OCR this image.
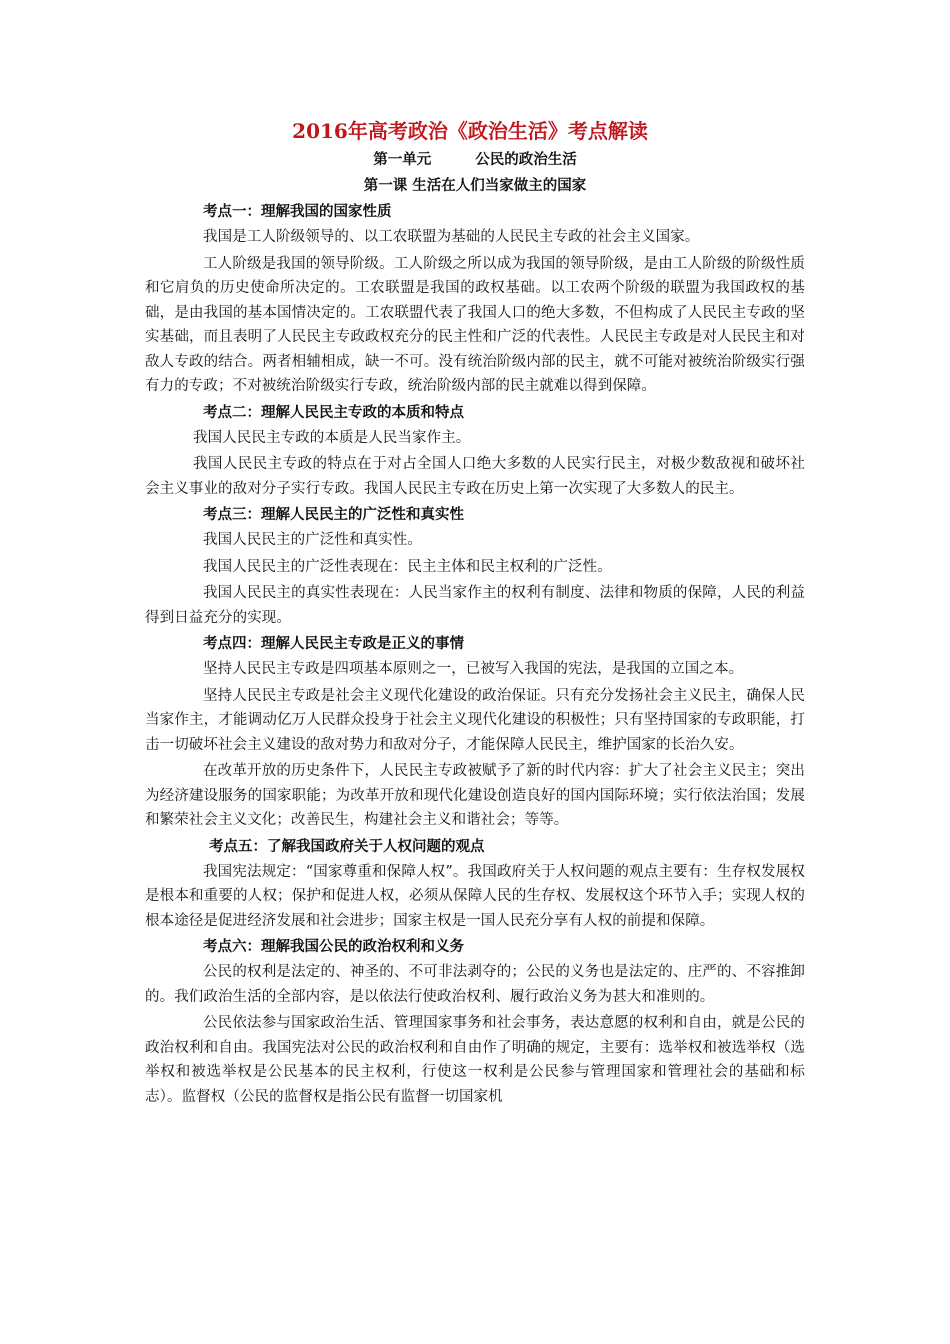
2016年高考政治《政治生活》考点解读
第一单元	公民的政治生活
第一课 生活在人们当家做主的国家
考点一：理解我国的国家性质

我国是工人阶级领导的、以工农联盟为基础的人民民主专政的社会主义国家。

工人阶级是我国的领导阶级。工人阶级之所以成为我国的领导阶级，是由工人阶级的阶级性质和它肩负的历史使命所决定的。工农联盟是我国的政权基础。以工农两个阶级的联盟为我国政权的基础，是由我国的基本国情决定的。工农联盟代表了我国人口的绝大多数，不但构成了人民民主专政的坚实基础，而且表明了人民民主专政政权充分的民主性和广泛的代表性。人民民主专政是对人民民主和对敌人专政的结合。两者相辅相成，缺一不可。没有统治阶级内部的民主，就不可能对被统治阶级实行强有力的专政；不对被统治阶级实行专政，统治阶级内部的民主就难以得到保障。

考点二：理解人民民主专政的本质和特点

我国人民民主专政的本质是人民当家作主。

我国人民民主专政的特点在于对占全国人口绝大多数的人民实行民主，对极少数敌视和破坏社会主义事业的敌对分子实行专政。我国人民民主专政在历史上第一次实现了大多数人的民主。

考点三：理解人民民主的广泛性和真实性

我国人民民主的广泛性和真实性。

我国人民民主的广泛性表现在：民主主体和民主权利的广泛性。

我国人民民主的真实性表现在：人民当家作主的权利有制度、法律和物质的保障，人民的利益得到日益充分的实现。

考点四：理解人民民主专政是正义的事情

坚持人民民主专政是四项基本原则之一，已被写入我国的宪法，是我国的立国之本。

坚持人民民主专政是社会主义现代化建设的政治保证。只有充分发扬社会主义民主，确保人民当家作主，才能调动亿万人民群众投身于社会主义现代化建设的积极性；只有坚持国家的专政职能，打击一切破坏社会主义建设的敌对势力和敌对分子，才能保障人民民主，维护国家的长治久安。

在改革开放的历史条件下，人民民主专政被赋予了新的时代内容：扩大了社会主义民主；突出为经济建设服务的国家职能；为改革开放和现代化建设创造良好的国内国际环境；实行依法治国；发展和繁荣社会主义文化；改善民生，构建社会主义和谐社会；等等。

考点五：了解我国政府关于人权问题的观点

我国宪法规定：“国家尊重和保障人权”。我国政府关于人权问题的观点主要有：生存权发展权是根本和重要的人权；保护和促进人权，必须从保障人民的生存权、发展权这个环节入手；实现人权的根本途径是促进经济发展和社会进步；国家主权是一国人民充分享有人权的前提和保障。

考点六：理解我国公民的政治权利和义务

公民的权利是法定的、神圣的、不可非法剥夺的；公民的义务也是法定的、庄严的、不容推卸的。我们政治生活的全部内容，是以依法行使政治权利、履行政治义务为甚大和准则的。

公民依法参与国家政治生活、管理国家事务和社会事务，表达意愿的权利和自由，就是公民的政治权利和自由。我国宪法对公民的政治权利和自由作了明确的规定，主要有：选举权和被选举权（选举权和被选举权是公民基本的民主权利，行使这一权利是公民参与管理国家和管理社会的基础和标志）。监督权（公民的监督权是指公民有监督一切国家机
